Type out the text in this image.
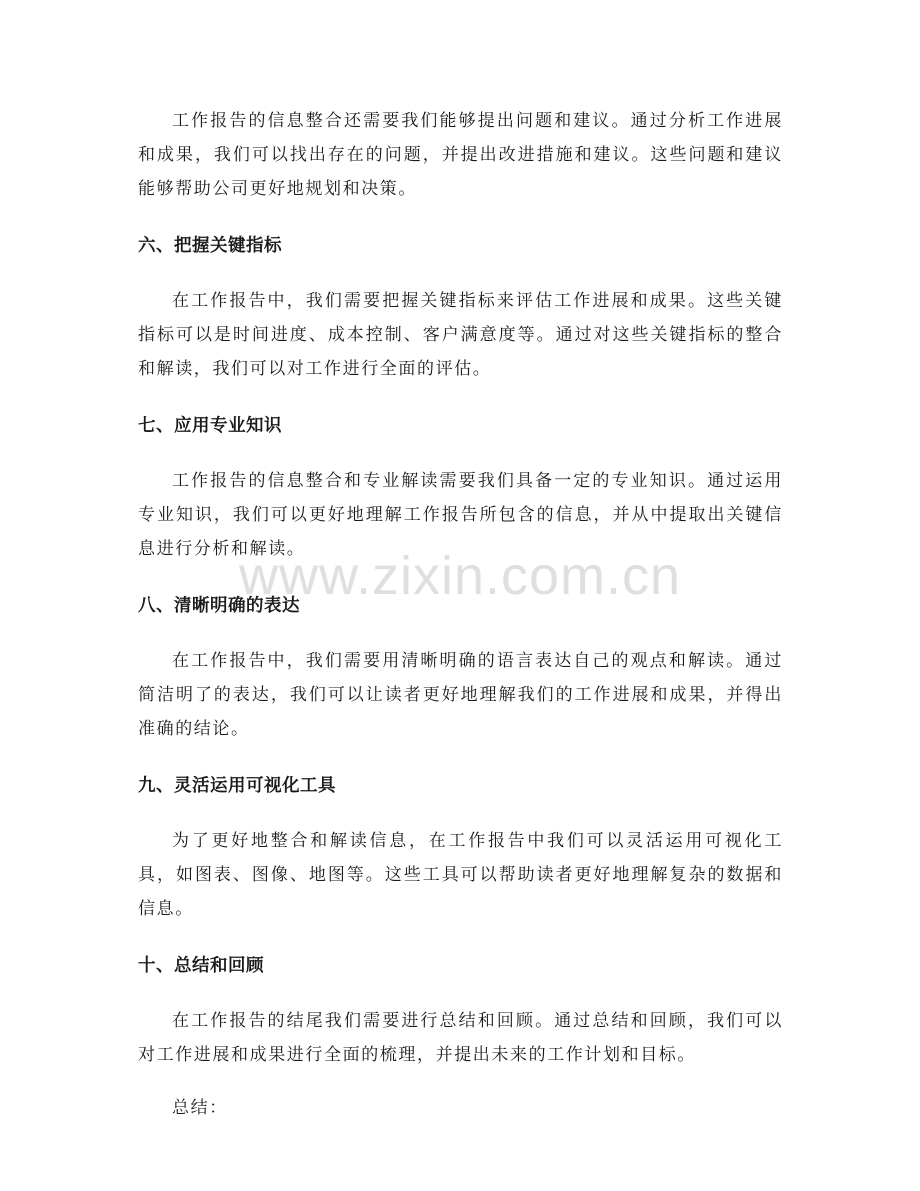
www.zixin.com.cn

工作报告的信息整合还需要我们能够提出问题和建议。通过分析工作进展和成果，我们可以找出存在的问题，并提出改进措施和建议。这些问题和建议能够帮助公司更好地规划和决策。

六、把握关键指标

在工作报告中，我们需要把握关键指标来评估工作进展和成果。这些关键指标可以是时间进度、成本控制、客户满意度等。通过对这些关键指标的整合和解读，我们可以对工作进行全面的评估。

七、应用专业知识

工作报告的信息整合和专业解读需要我们具备一定的专业知识。通过运用专业知识，我们可以更好地理解工作报告所包含的信息，并从中提取出关键信息进行分析和解读。

八、清晰明确的表达

在工作报告中，我们需要用清晰明确的语言表达自己的观点和解读。通过简洁明了的表达，我们可以让读者更好地理解我们的工作进展和成果，并得出准确的结论。

九、灵活运用可视化工具

为了更好地整合和解读信息，在工作报告中我们可以灵活运用可视化工具，如图表、图像、地图等。这些工具可以帮助读者更好地理解复杂的数据和信息。

十、总结和回顾

在工作报告的结尾我们需要进行总结和回顾。通过总结和回顾，我们可以对工作进展和成果进行全面的梳理，并提出未来的工作计划和目标。

总结：
